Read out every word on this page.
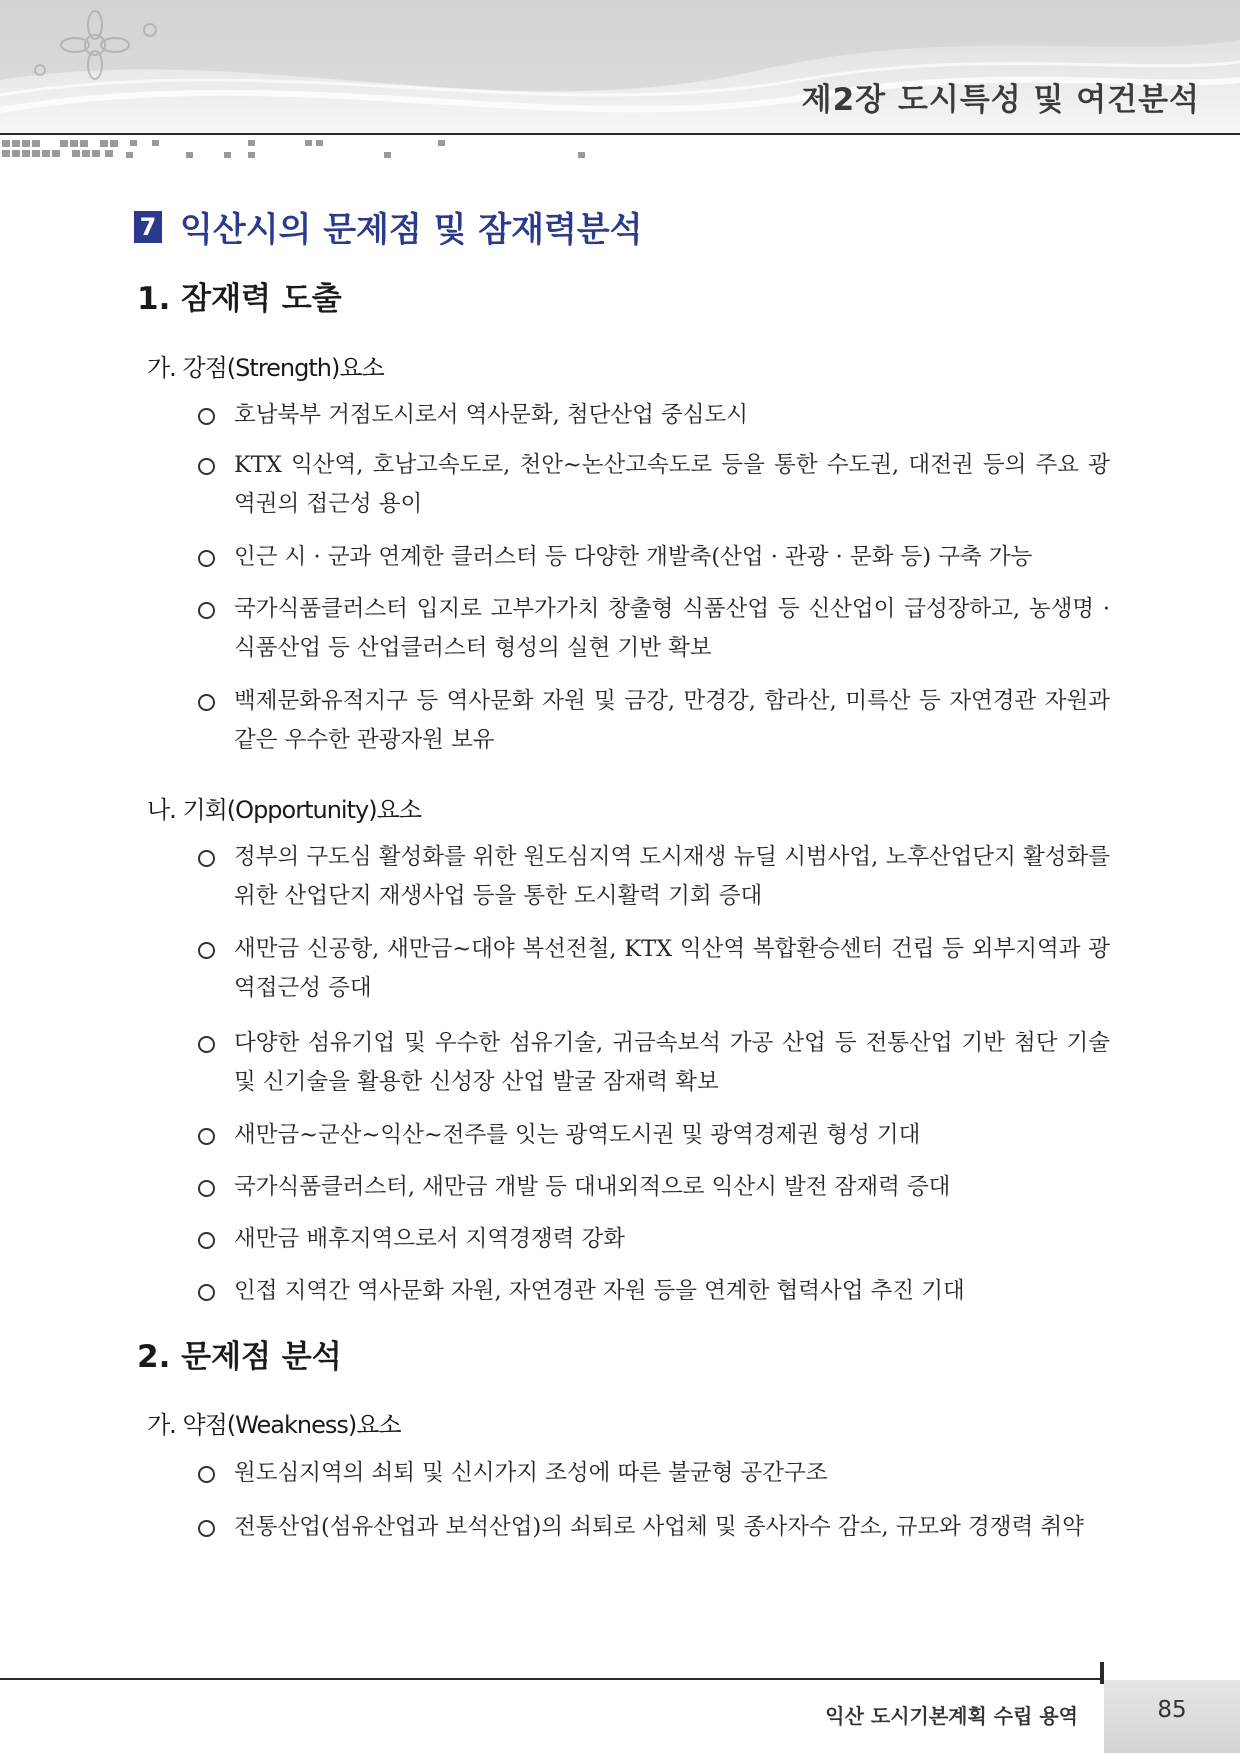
제2장 도시특성 및 여건분석
7 익산시의 문제점 및 잠재력분석
1. 잠재력 도출
가. 강점(Strength)요소
호남북부 거점도시로서 역사문화, 첨단산업 중심도시
KTX 익산역, 호남고속도로, 천안~논산고속도로 등을 통한 수도권, 대전권 등의 주요 광역권의 접근성 용이
인근 시 · 군과 연계한 클러스터 등 다양한 개발축(산업 · 관광 · 문화 등) 구축 가능
국가식품클러스터 입지로 고부가가치 창출형 식품산업 등 신산업이 급성장하고, 농생명 · 식품산업 등 산업클러스터 형성의 실현 기반 확보
백제문화유적지구 등 역사문화 자원 및 금강, 만경강, 함라산, 미륵산 등 자연경관 자원과 같은 우수한 관광자원 보유
나. 기회(Opportunity)요소
정부의 구도심 활성화를 위한 원도심지역 도시재생 뉴딜 시범사업, 노후산업단지 활성화를 위한 산업단지 재생사업 등을 통한 도시활력 기회 증대
새만금 신공항, 새만금~대야 복선전철, KTX 익산역 복합환승센터 건립 등 외부지역과 광역접근성 증대
다양한 섬유기업 및 우수한 섬유기술, 귀금속보석 가공 산업 등 전통산업 기반 첨단 기술 및 신기술을 활용한 신성장 산업 발굴 잠재력 확보
새만금~군산~익산~전주를 잇는 광역도시권 및 광역경제권 형성 기대
국가식품클러스터, 새만금 개발 등 대내외적으로 익산시 발전 잠재력 증대
새만금 배후지역으로서 지역경쟁력 강화
인접 지역간 역사문화 자원, 자연경관 자원 등을 연계한 협력사업 추진 기대
2. 문제점 분석
가. 약점(Weakness)요소
원도심지역의 쇠퇴 및 신시가지 조성에 따른 불균형 공간구조
전통산업(섬유산업과 보석산업)의 쇠퇴로 사업체 및 종사자수 감소, 규모와 경쟁력 취약
익산 도시기본계획 수립 용역	85
